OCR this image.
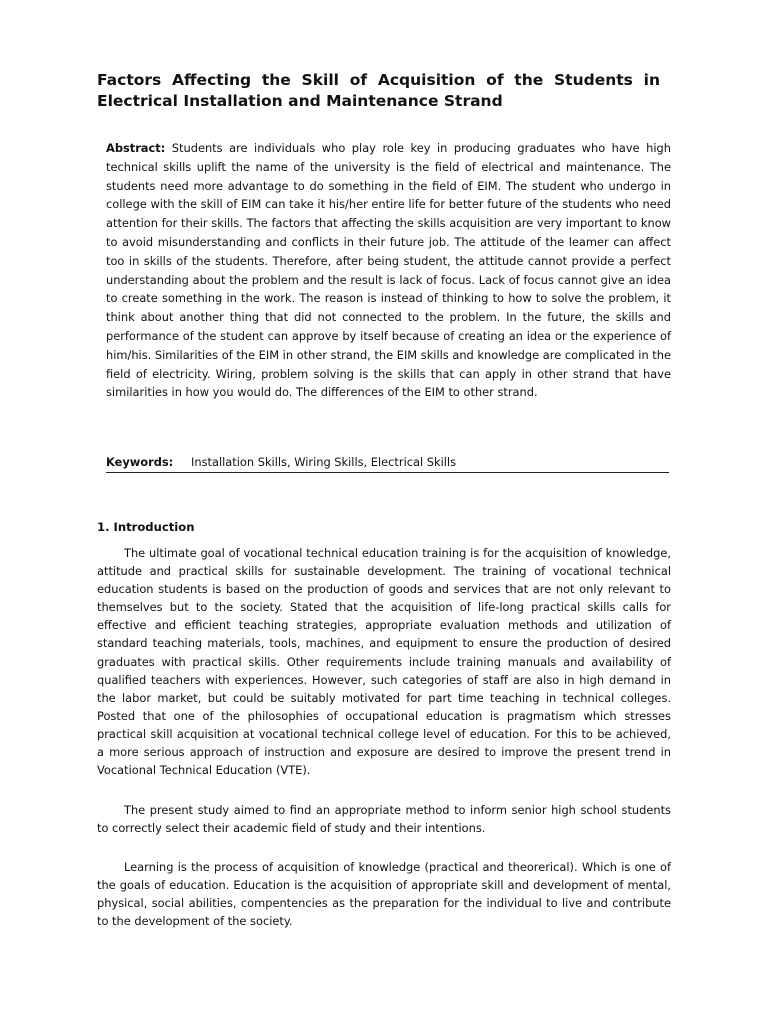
Factors Affecting the Skill of Acquisition of the Students in Electrical Installation and Maintenance Strand

Abstract: Students are individuals who play role key in producing graduates who have high technical skills uplift the name of the university is the field of electrical and maintenance. The students need more advantage to do something in the field of EIM. The student who undergo in college with the skill of EIM can take it his/her entire life for better future of the students who need attention for their skills. The factors that affecting the skills acquisition are very important to know to avoid misunderstanding and conflicts in their future job. The attitude of the leamer can affect too in skills of the students. Therefore, after being student, the attitude cannot provide a perfect understanding about the problem and the result is lack of focus. Lack of focus cannot give an idea to create something in the work. The reason is instead of thinking to how to solve the problem, it think about another thing that did not connected to the problem. In the future, the skills and performance of the student can approve by itself because of creating an idea or the experience of him/his. Similarities of the EIM in other strand, the EIM skills and knowledge are complicated in the field of electricity. Wiring, problem solving is the skills that can apply in other strand that have similarities in how you would do. The differences of the EIM to other strand.

Keywords: Installation Skills, Wiring Skills, Electrical Skills
1. Introduction

The ultimate goal of vocational technical education training is for the acquisition of knowledge, attitude and practical skills for sustainable development. The training of vocational technical education students is based on the production of goods and services that are not only relevant to themselves but to the society. Stated that the acquisition of life-long practical skills calls for effective and efficient teaching strategies, appropriate evaluation methods and utilization of standard teaching materials, tools, machines, and equipment to ensure the production of desired graduates with practical skills. Other requirements include training manuals and availability of qualified teachers with experiences. However, such categories of staff are also in high demand in the labor market, but could be suitably motivated for part time teaching in technical colleges. Posted that one of the philosophies of occupational education is pragmatism which stresses practical skill acquisition at vocational technical college level of education. For this to be achieved, a more serious approach of instruction and exposure are desired to improve the present trend in Vocational Technical Education (VTE).

The present study aimed to find an appropriate method to inform senior high school students to correctly select their academic field of study and their intentions.

Learning is the process of acquisition of knowledge (practical and theorerical). Which is one of the goals of education. Education is the acquisition of appropriate skill and development of mental, physical, social abilities, compentencies as the preparation for the individual to live and contribute to the development of the society.
